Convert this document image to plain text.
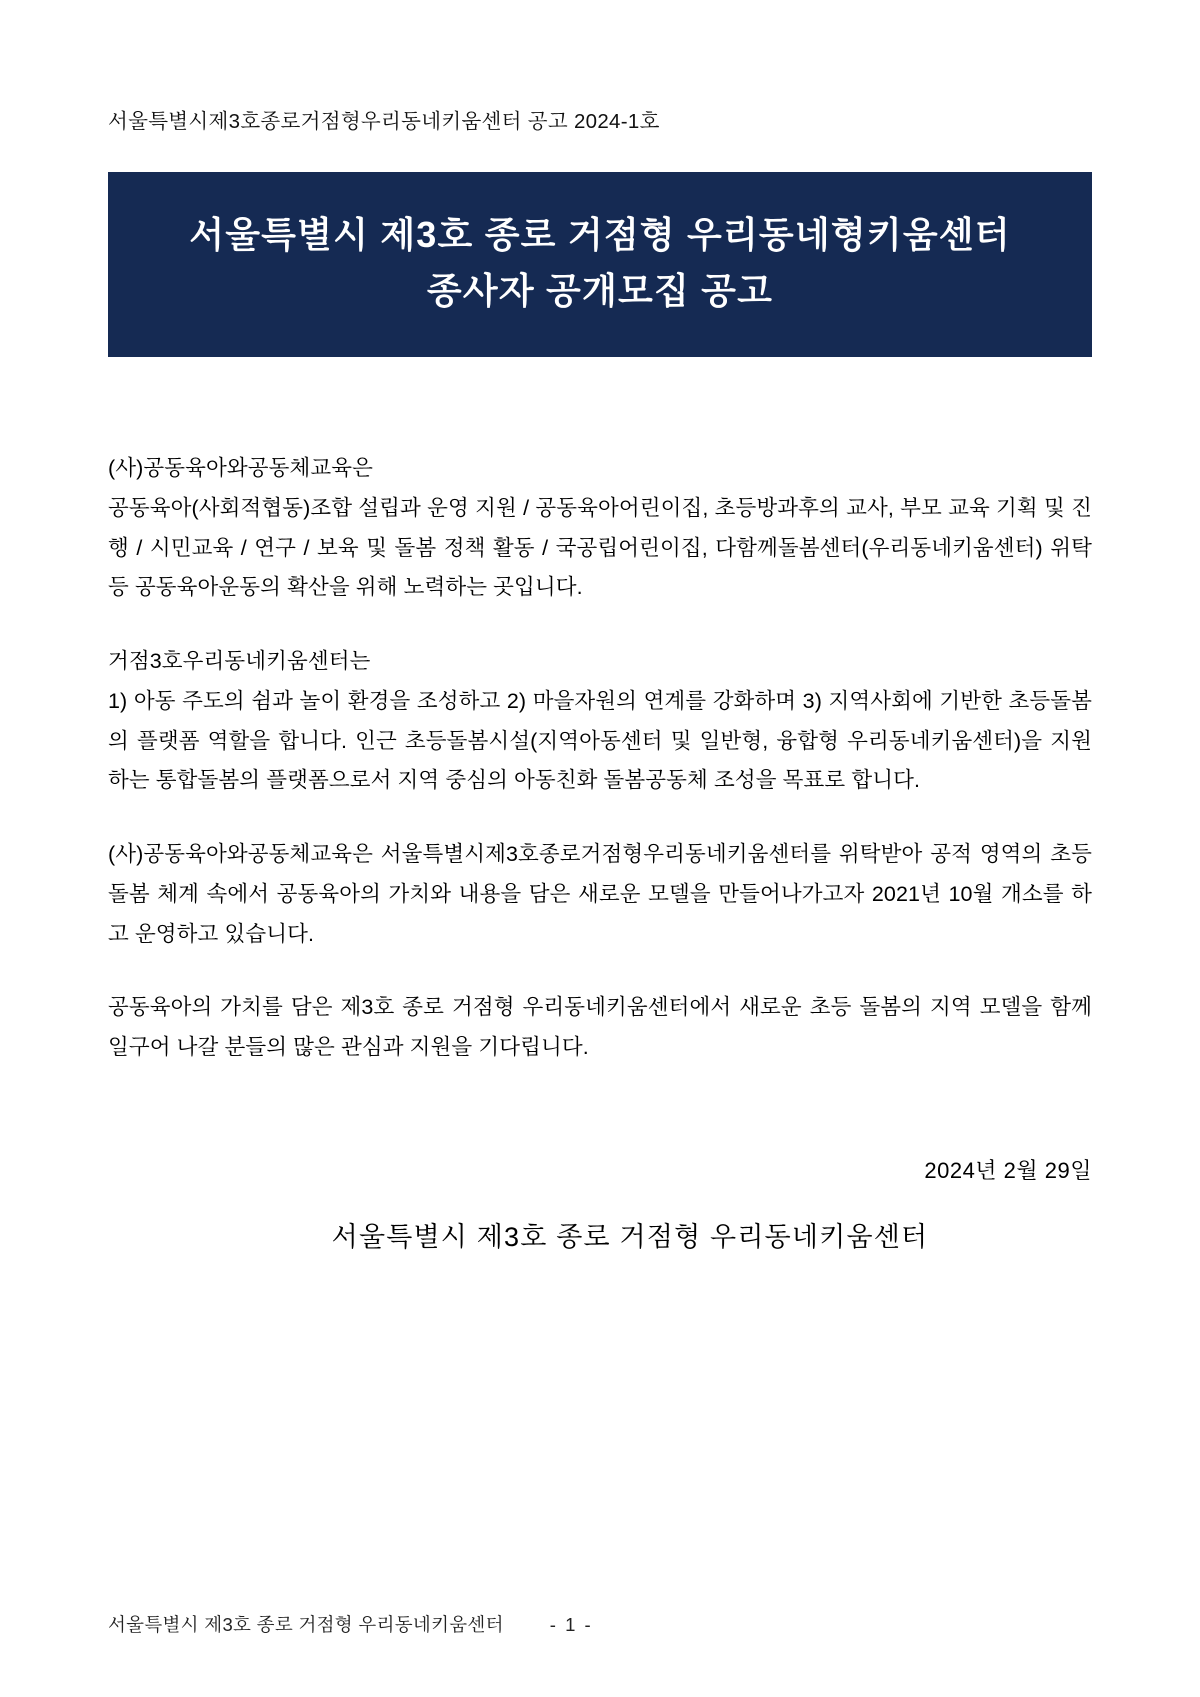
서울특별시제3호종로거점형우리동네키움센터 공고 2024-1호
서울특별시 제3호 종로 거점형 우리동네형키움센터
종사자 공개모집 공고
(사)공동육아와공동체교육은
공동육아(사회적협동)조합 설립과 운영 지원 / 공동육아어린이집, 초등방과후의 교사, 부모 교육 기획 및 진행 / 시민교육 / 연구 / 보육 및 돌봄 정책 활동 / 국공립어린이집, 다함께돌봄센터(우리동네키움센터) 위탁 등 공동육아운동의 확산을 위해 노력하는 곳입니다.
거점3호우리동네키움센터는
1) 아동 주도의 쉼과 놀이 환경을 조성하고 2) 마을자원의 연계를 강화하며 3) 지역사회에 기반한 초등돌봄의 플랫폼 역할을 합니다. 인근 초등돌봄시설(지역아동센터 및 일반형, 융합형 우리동네키움센터)을 지원하는 통합돌봄의 플랫폼으로서 지역 중심의 아동친화 돌봄공동체 조성을 목표로 합니다.
(사)공동육아와공동체교육은 서울특별시제3호종로거점형우리동네키움센터를 위탁받아 공적 영역의 초등돌봄 체계 속에서 공동육아의 가치와 내용을 담은 새로운 모델을 만들어나가고자 2021년 10월 개소를 하고 운영하고 있습니다.
공동육아의 가치를 담은 제3호 종로 거점형 우리동네키움센터에서 새로운 초등 돌봄의 지역 모델을 함께 일구어 나갈 분들의 많은 관심과 지원을 기다립니다.
2024년 2월 29일
서울특별시 제3호 종로 거점형 우리동네키움센터
서울특별시 제3호 종로 거점형 우리동네키움센터 - 1 -
